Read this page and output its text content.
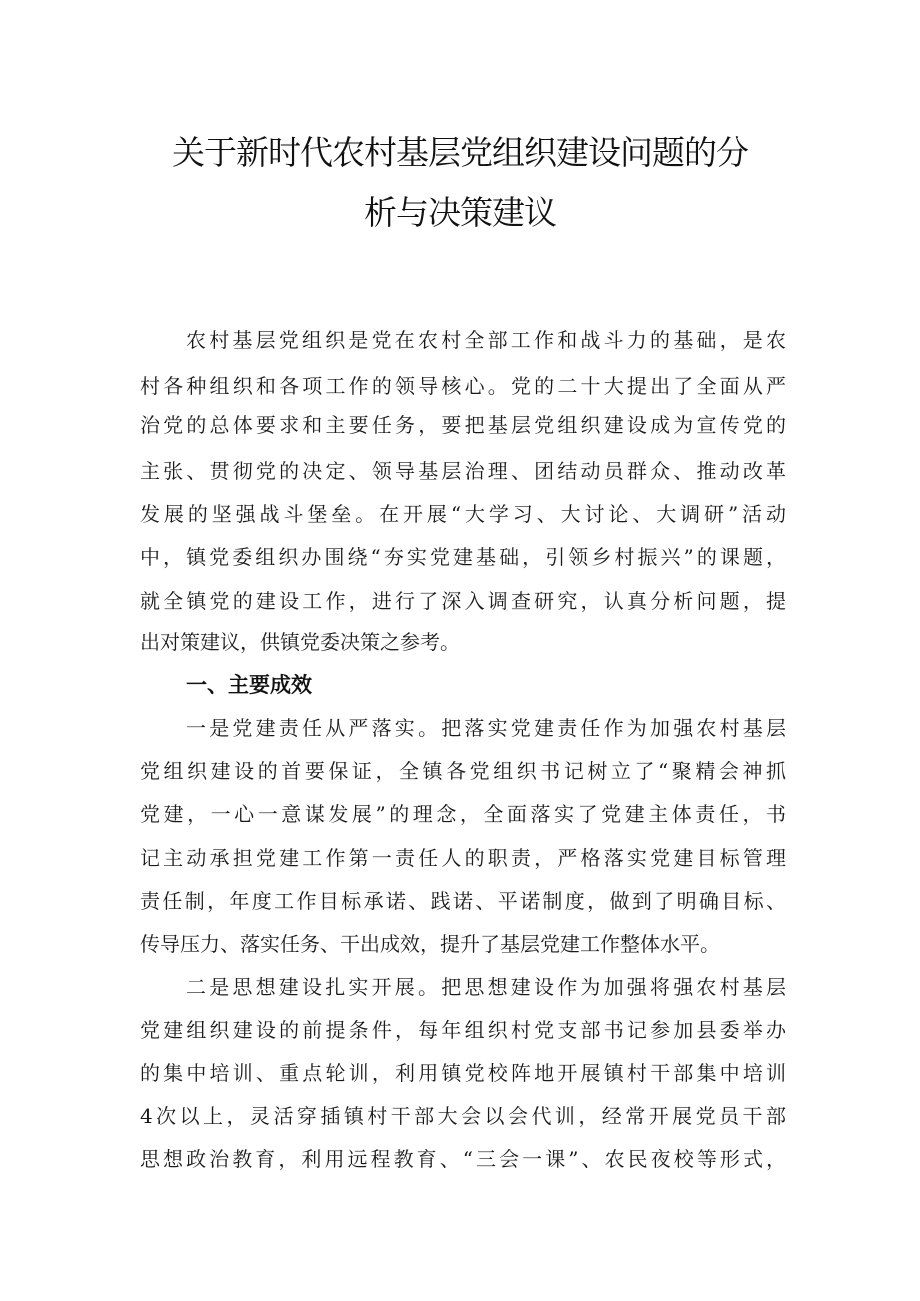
关于新时代农村基层党组织建设问题的分
析与决策建议
农村基层党组织是党在农村全部工作和战斗力的基础，是农
村各种组织和各项工作的领导核心。党的二十大提出了全面从严
治党的总体要求和主要任务，要把基层党组织建设成为宣传党的
主张、贯彻党的决定、领导基层治理、团结动员群众、推动改革
发展的坚强战斗堡垒。在开展“大学习、大讨论、大调研”活动
中，镇党委组织办围绕“夯实党建基础，引领乡村振兴”的课题，
就全镇党的建设工作，进行了深入调查研究，认真分析问题，提
出对策建议，供镇党委决策之参考。
一、主要成效
一是党建责任从严落实。把落实党建责任作为加强农村基层
党组织建设的首要保证，全镇各党组织书记树立了“聚精会神抓
党建，一心一意谋发展”的理念，全面落实了党建主体责任，书
记主动承担党建工作第一责任人的职责，严格落实党建目标管理
责任制，年度工作目标承诺、践诺、平诺制度，做到了明确目标、
传导压力、落实任务、干出成效，提升了基层党建工作整体水平。
二是思想建设扎实开展。把思想建设作为加强将强农村基层
党建组织建设的前提条件，每年组织村党支部书记参加县委举办
的集中培训、重点轮训，利用镇党校阵地开展镇村干部集中培训
4次以上，灵活穿插镇村干部大会以会代训，经常开展党员干部
思想政治教育，利用远程教育、“三会一课”、农民夜校等形式，
